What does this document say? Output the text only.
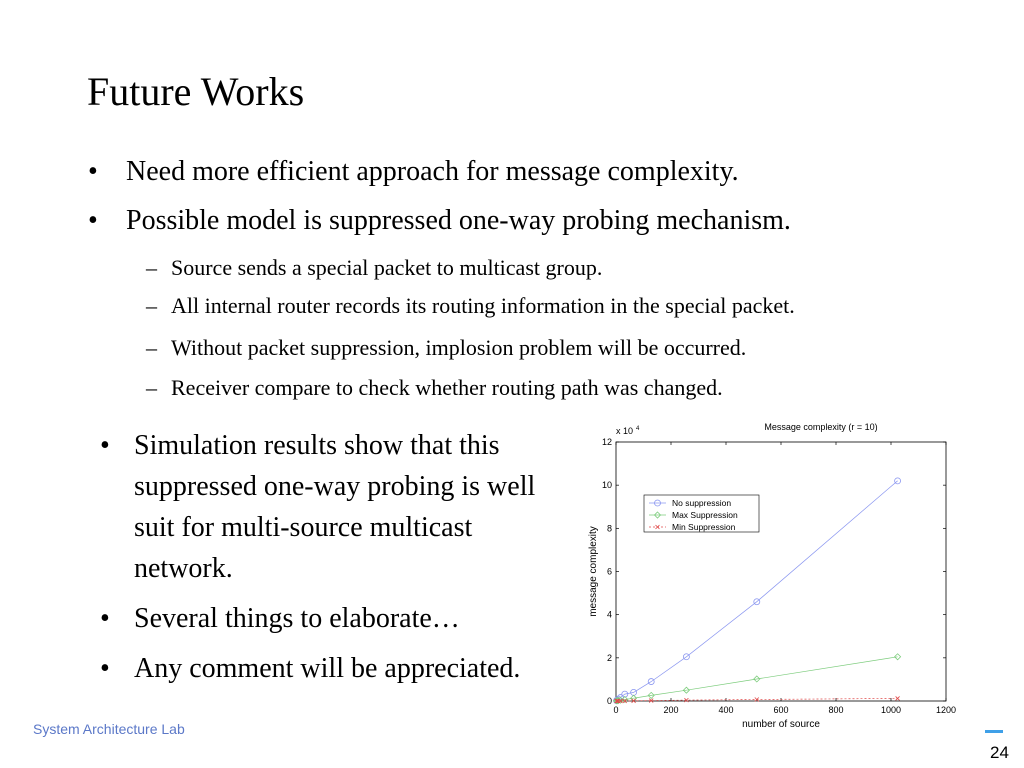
Future Works
• Need more efficient approach for message complexity.
• Possible model is suppressed one-way probing mechanism.
– Source sends a special packet to multicast group.
– All internal router records its routing information in the special packet.
– Without packet suppression, implosion problem will be occurred.
– Receiver compare to check whether routing path was changed.
• Simulation results show that this suppressed one-way probing is well suit for multi-source multicast network.
• Several things to elaborate…
• Any comment will be appreciated.
0	200	400	600	800	1000	1200
0
2
4
6
8
10
12
x 10 4	Message complexity (r = 10)
number of source
message complexity
No suppression
Max Suppression
Min Suppression
System Architecture Lab
24
